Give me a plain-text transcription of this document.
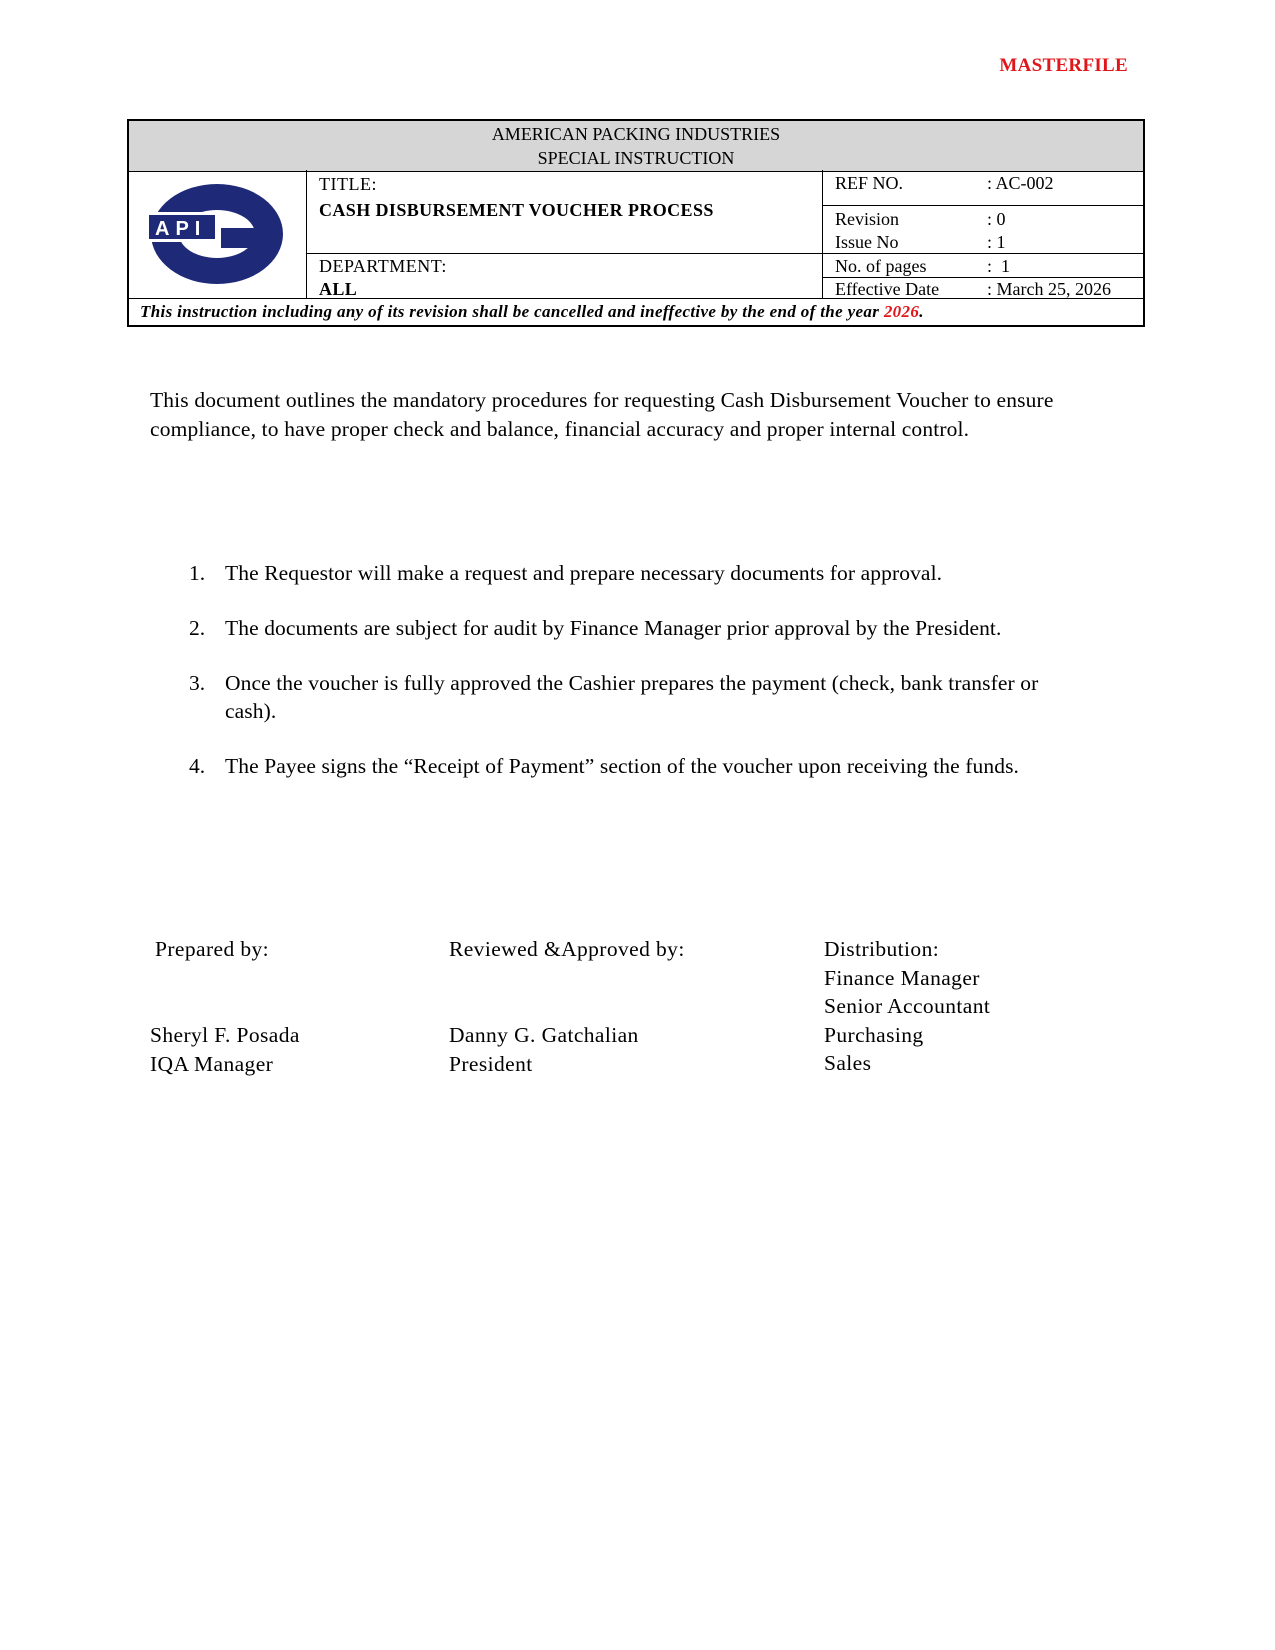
MASTERFILE
AMERICAN PACKING INDUSTRIES
SPECIAL INSTRUCTION
API
TITLE:
CASH DISBURSEMENT VOUCHER PROCESS
DEPARTMENT:
ALL
REF NO.	: AC-002
Revision	: 0
Issue No	: 1
No. of pages	:  1
Effective Date	: March 25, 2026
This instruction including any of its revision shall be cancelled and ineffective by the end of the year 2026.
This document outlines the mandatory procedures for requesting Cash Disbursement Voucher to ensure compliance, to have proper check and balance, financial accuracy and proper internal control.
1. The Requestor will make a request and prepare necessary documents for approval.
2. The documents are subject for audit by Finance Manager prior approval by the President.
3. Once the voucher is fully approved the Cashier prepares the payment (check, bank transfer or cash).
4. The Payee signs the “Receipt of Payment” section of the voucher upon receiving the funds.
Prepared by:
Sheryl F. Posada
IQA Manager
Reviewed &Approved by:
Danny G. Gatchalian
President
Distribution:
Finance Manager
Senior Accountant
Purchasing
Sales
